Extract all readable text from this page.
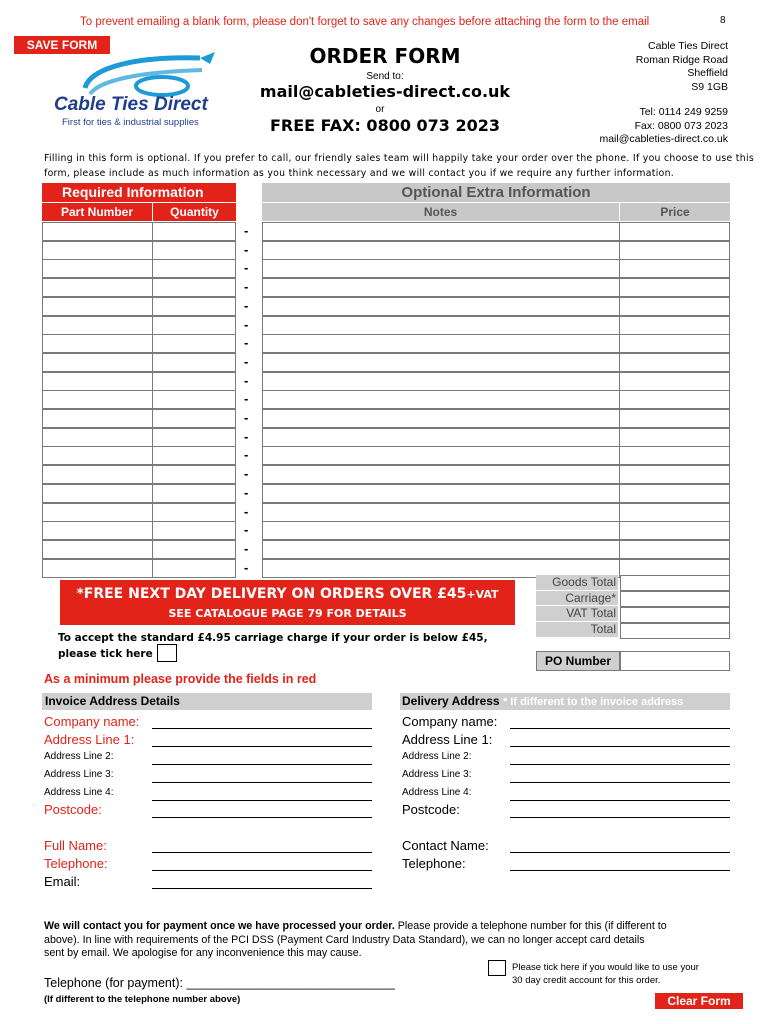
To prevent emailing a blank form, please don't forget to save any changes before attaching the form to the email	8
SAVE FORM
Cable Ties Direct
First for ties & industrial supplies
ORDER FORM
Send to:
mail@cableties-direct.co.uk
or
FREE FAX: 0800 073 2023
Cable Ties Direct
Roman Ridge Road
Sheffield
S9 1GB
Tel: 0114 249 9259
Fax: 0800 073 2023
mail@cableties-direct.co.uk
Filling in this form is optional. If you prefer to call, our friendly sales team will happily take your order over the phone. If you choose to use this
form, please include as much information as you think necessary and we will contact you if we require any further information.
Required Information
Part Number	Quantity
Optional Extra Information
Notes	Price
-
-
-
-
-
-
-
-
-
-
-
-
-
-
-
-
-
-
-
*FREE NEXT DAY DELIVERY ON ORDERS OVER £45+VAT
SEE CATALOGUE PAGE 79 FOR DETAILS
Goods Total
Carriage*
VAT Total
Total
To accept the standard £4.95 carriage charge if your order is below £45,
please tick here	PO Number
As a minimum please provide the fields in red
Invoice Address Details	Delivery Address * If different to the invoice address
Company name:
Address Line 1:
Address Line 2:
Address Line 3:
Address Line 4:
Postcode:
Full Name:
Telephone:
Email:
Company name:
Address Line 1:
Address Line 2:
Address Line 3:
Address Line 4:
Postcode:
Contact Name:
Telephone:
We will contact you for payment once we have processed your order. Please provide a telephone number for this (if different to
above). In line with requirements of the PCI DSS (Payment Card Industry Data Standard), we can no longer accept card details
sent by email. We apologise for any inconvenience this may cause.
Telephone (for payment): ______________________________
(If different to the telephone number above)
Please tick here if you would like to use your
30 day credit account for this order.
Clear Form
